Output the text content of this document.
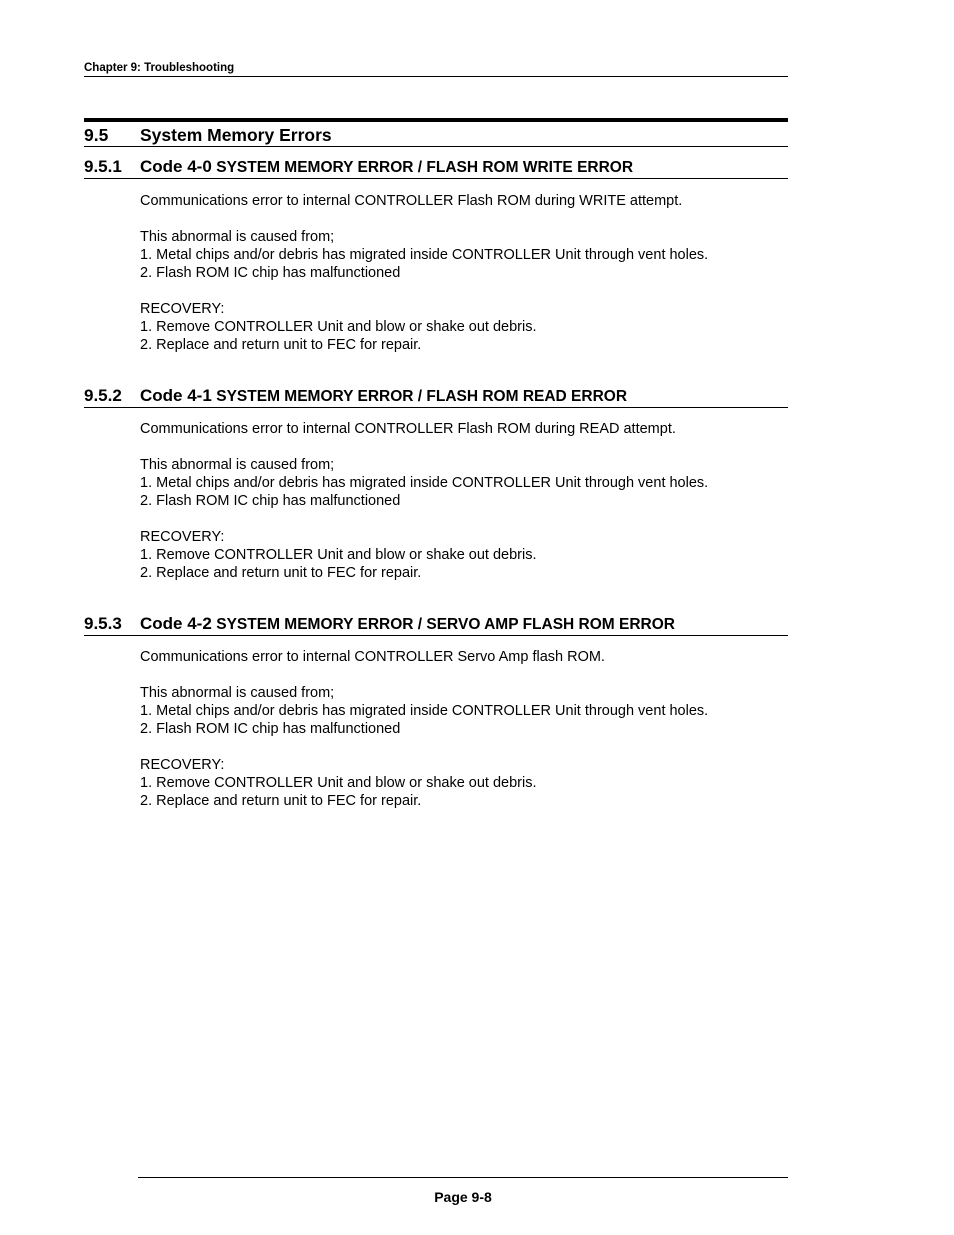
Chapter 9: Troubleshooting
9.5 System Memory Errors
9.5.1 Code 4-0 SYSTEM MEMORY ERROR / FLASH ROM WRITE ERROR

Communications error to internal CONTROLLER Flash ROM during WRITE attempt.

This abnormal is caused from;

1. Metal chips and/or debris has migrated inside CONTROLLER Unit through vent holes.

2. Flash ROM IC chip has malfunctioned

RECOVERY:

1. Remove CONTROLLER Unit and blow or shake out debris.

2. Replace and return unit to FEC for repair.

9.5.2 Code 4-1 SYSTEM MEMORY ERROR / FLASH ROM READ ERROR

Communications error to internal CONTROLLER Flash ROM during READ attempt.

This abnormal is caused from;

1. Metal chips and/or debris has migrated inside CONTROLLER Unit through vent holes.

2. Flash ROM IC chip has malfunctioned

RECOVERY:

1. Remove CONTROLLER Unit and blow or shake out debris.

2. Replace and return unit to FEC for repair.

9.5.3 Code 4-2 SYSTEM MEMORY ERROR / SERVO AMP FLASH ROM ERROR

Communications error to internal CONTROLLER Servo Amp flash ROM.

This abnormal is caused from;

1. Metal chips and/or debris has migrated inside CONTROLLER Unit through vent holes.

2. Flash ROM IC chip has malfunctioned

RECOVERY:

1. Remove CONTROLLER Unit and blow or shake out debris.

2. Replace and return unit to FEC for repair.

Page 9-8
